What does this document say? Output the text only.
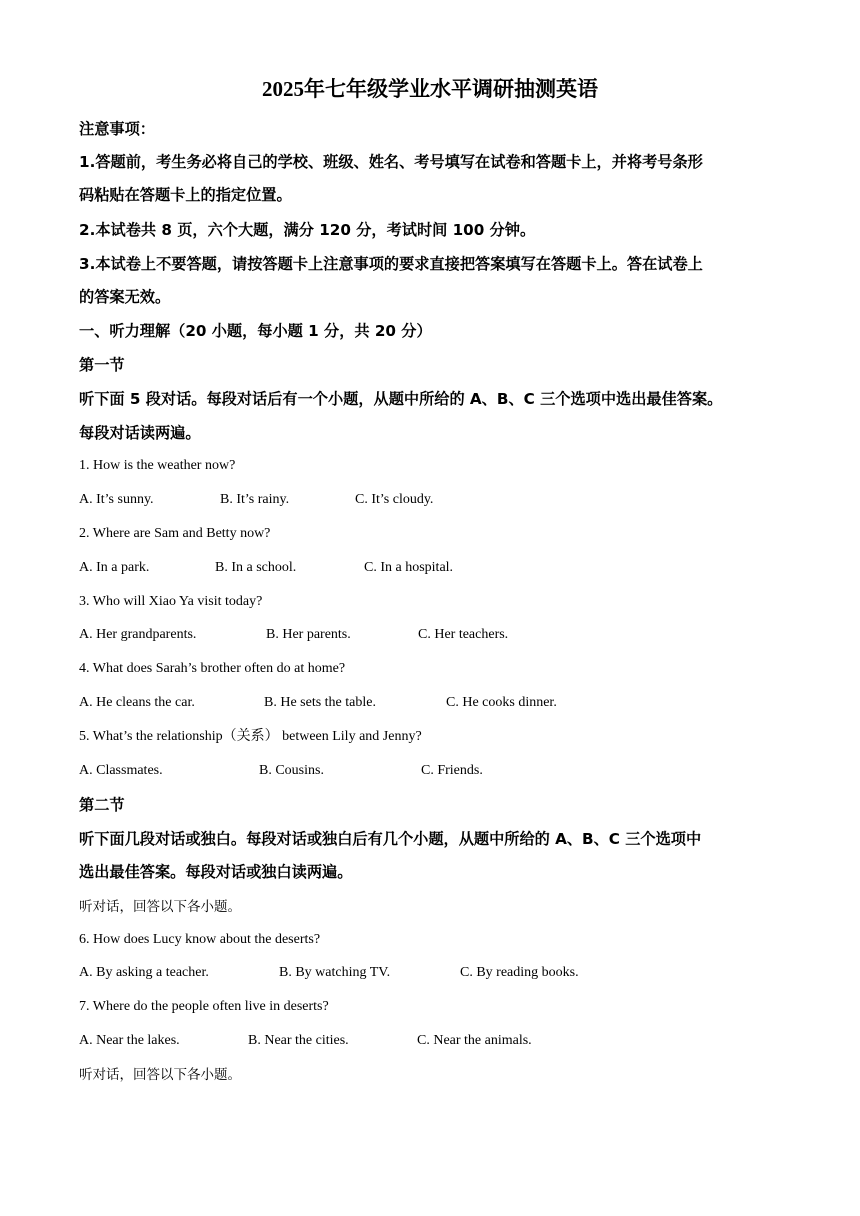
2025年七年级学业水平调研抽测英语
注意事项：
1.答题前，考生务必将自己的学校、班级、姓名、考号填写在试卷和答题卡上，并将考号条形
码粘贴在答题卡上的指定位置。
2.本试卷共 8 页，六个大题，满分 120 分，考试时间 100 分钟。
3.本试卷上不要答题，请按答题卡上注意事项的要求直接把答案填写在答题卡上。答在试卷上
的答案无效。
一、听力理解（20 小题，每小题 1 分，共 20 分）
第一节
听下面 5 段对话。每段对话后有一个小题，从题中所给的 A、B、C 三个选项中选出最佳答案。
每段对话读两遍。
1. How is the weather now?
A. It’s sunny.	B. It’s rainy.	C. It’s cloudy.
2. Where are Sam and Betty now?
A. In a park.	B. In a school.	C. In a hospital.
3. Who will Xiao Ya visit today?
A. Her grandparents.	B. Her parents.	C. Her teachers.
4. What does Sarah’s brother often do at home?
A. He cleans the car.	B. He sets the table.	C. He cooks dinner.
5. What’s the relationship（关系） between Lily and Jenny?
A. Classmates.	B. Cousins.	C. Friends.
第二节
听下面几段对话或独白。每段对话或独白后有几个小题，从题中所给的 A、B、C 三个选项中
选出最佳答案。每段对话或独白读两遍。
听对话，回答以下各小题。
6. How does Lucy know about the deserts?
A. By asking a teacher.	B. By watching TV.	C. By reading books.
7. Where do the people often live in deserts?
A. Near the lakes.	B. Near the cities.	C. Near the animals.
听对话，回答以下各小题。
